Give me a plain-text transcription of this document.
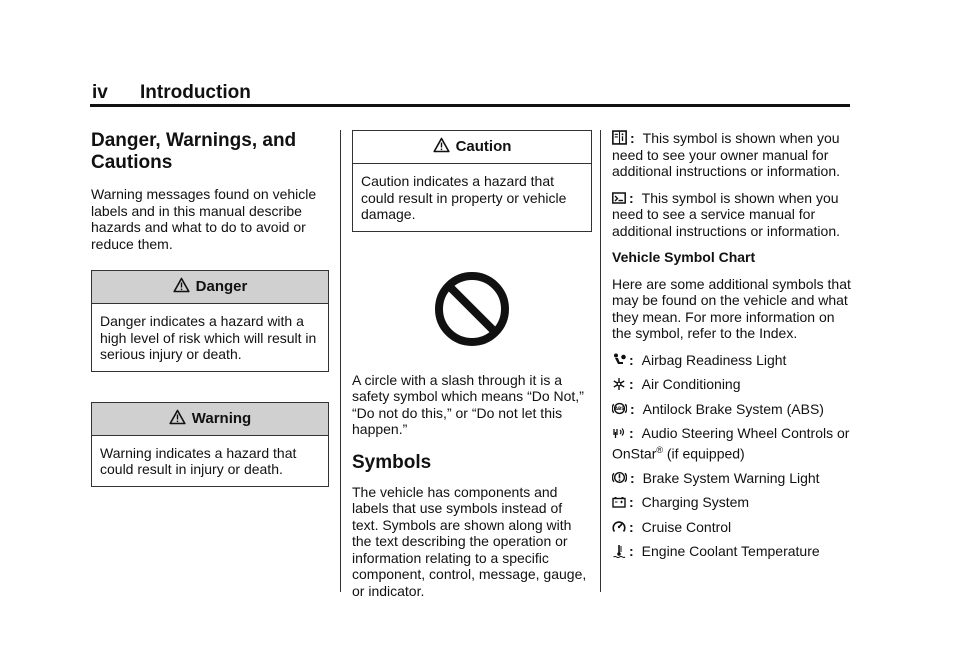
iv Introduction
Danger, Warnings, and Cautions
Warning messages found on vehicle labels and in this manual describe hazards and what to do to avoid or reduce them.
Danger
Danger indicates a hazard with a high level of risk which will result in serious injury or death.
Warning
Warning indicates a hazard that could result in injury or death.
Caution
Caution indicates a hazard that could result in property or vehicle damage.
A circle with a slash through it is a safety symbol which means “Do Not,” “Do not do this,” or “Do not let this happen.”
Symbols
The vehicle has components and labels that use symbols instead of text. Symbols are shown along with the text describing the operation or information relating to a specific component, control, message, gauge, or indicator.
: This symbol is shown when you need to see your owner manual for additional instructions or information.
: This symbol is shown when you need to see a service manual for additional instructions or information.
Vehicle Symbol Chart
Here are some additional symbols that may be found on the vehicle and what they mean. For more information on the symbol, refer to the Index.
: Airbag Readiness Light
: Air Conditioning
ABS : Antilock Brake System (ABS)
: Audio Steering Wheel Controls or OnStar® (if equipped)
: Brake System Warning Light
: Charging System
: Cruise Control
: Engine Coolant Temperature
